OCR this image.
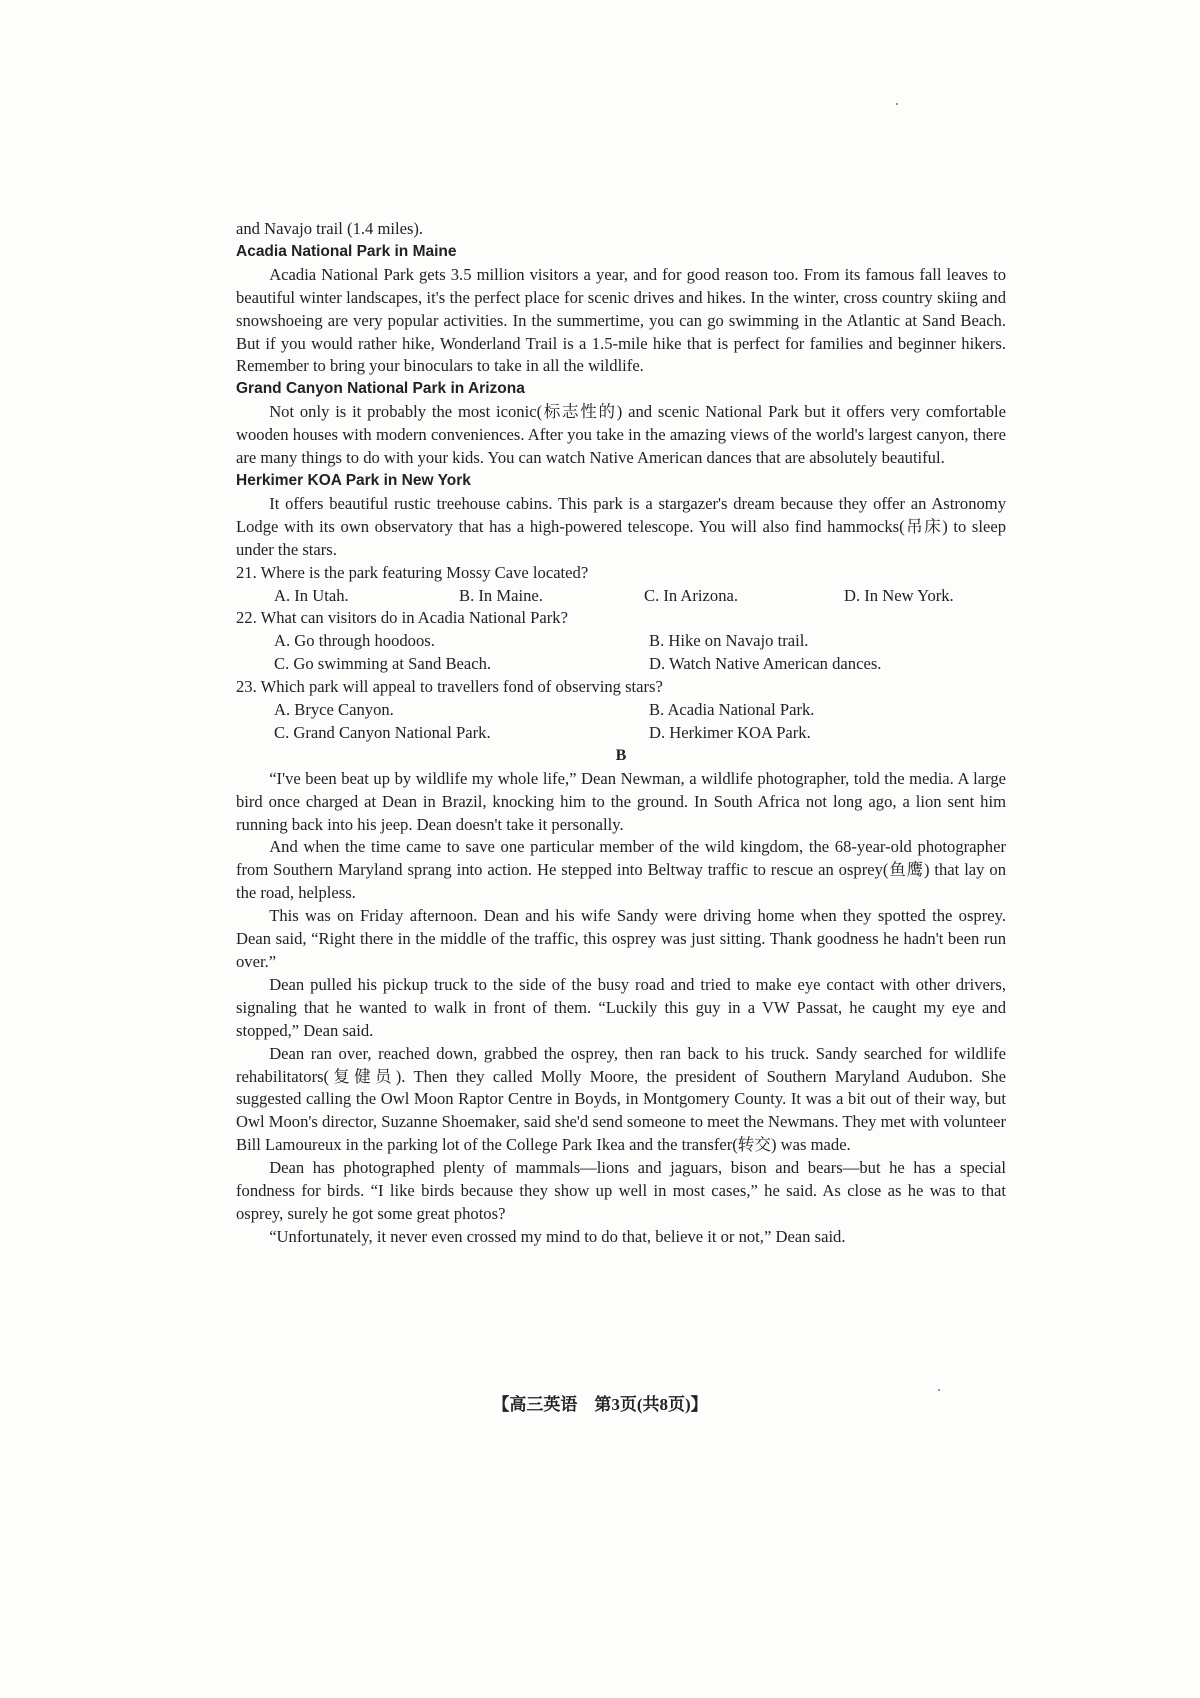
and Navajo trail (1.4 miles).

Acadia National Park in Maine

Acadia National Park gets 3.5 million visitors a year, and for good reason too. From its famous fall leaves to beautiful winter landscapes, it's the perfect place for scenic drives and hikes. In the winter, cross country skiing and snowshoeing are very popular activities. In the summertime, you can go swimming in the Atlantic at Sand Beach. But if you would rather hike, Wonderland Trail is a 1.5-mile hike that is perfect for families and beginner hikers. Remember to bring your binoculars to take in all the wildlife.

Grand Canyon National Park in Arizona

Not only is it probably the most iconic(标志性的) and scenic National Park but it offers very comfortable wooden houses with modern conveniences. After you take in the amazing views of the world's largest canyon, there are many things to do with your kids. You can watch Native American dances that are absolutely beautiful.

Herkimer KOA Park in New York

It offers beautiful rustic treehouse cabins. This park is a stargazer's dream because they offer an Astronomy Lodge with its own observatory that has a high-powered telescope. You will also find hammocks(吊床) to sleep under the stars.

21. Where is the park featuring Mossy Cave located?

A. In Utah.	B. In Maine.	C. In Arizona.	D. In New York.

22. What can visitors do in Acadia National Park?

A. Go through hoodoos.	B. Hike on Navajo trail.
C. Go swimming at Sand Beach.	D. Watch Native American dances.

23. Which park will appeal to travellers fond of observing stars?

A. Bryce Canyon.	B. Acadia National Park.
C. Grand Canyon National Park.	D. Herkimer KOA Park.

B

“I've been beat up by wildlife my whole life,” Dean Newman, a wildlife photographer, told the media. A large bird once charged at Dean in Brazil, knocking him to the ground. In South Africa not long ago, a lion sent him running back into his jeep. Dean doesn't take it personally.

And when the time came to save one particular member of the wild kingdom, the 68-year-old photographer from Southern Maryland sprang into action. He stepped into Beltway traffic to rescue an osprey(鱼鹰) that lay on the road, helpless.

This was on Friday afternoon. Dean and his wife Sandy were driving home when they spotted the osprey. Dean said, “Right there in the middle of the traffic, this osprey was just sitting. Thank goodness he hadn't been run over.”

Dean pulled his pickup truck to the side of the busy road and tried to make eye contact with other drivers, signaling that he wanted to walk in front of them. “Luckily this guy in a VW Passat, he caught my eye and stopped,” Dean said.

Dean ran over, reached down, grabbed the osprey, then ran back to his truck. Sandy searched for wildlife rehabilitators(复健员). Then they called Molly Moore, the president of Southern Maryland Audubon. She suggested calling the Owl Moon Raptor Centre in Boyds, in Montgomery County. It was a bit out of their way, but Owl Moon's director, Suzanne Shoemaker, said she'd send someone to meet the Newmans. They met with volunteer Bill Lamoureux in the parking lot of the College Park Ikea and the transfer(转交) was made.

Dean has photographed plenty of mammals—lions and jaguars, bison and bears—but he has a special fondness for birds. “I like birds because they show up well in most cases,” he said. As close as he was to that osprey, surely he got some great photos?

“Unfortunately, it never even crossed my mind to do that, believe it or not,” Dean said.

【高三英语　第3页(共8页)】
